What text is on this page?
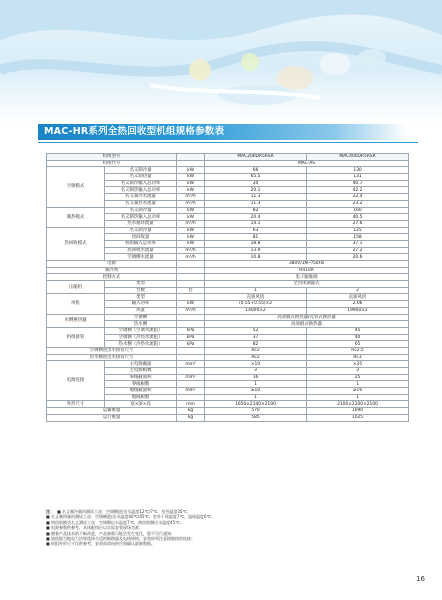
MAC-HR系列全热回收型机组规格参数表
机组型号			MAC200DR5RSR	MAC400DR5RSR
机组代号			MAC-AS	
空调模式	名义制冷量	kW	66	130
	名义制热量	kW	65.5	131
	名义制冷输入总功率	kW	20	40.7
	名义制热输入总功率	kW	20.1	42.2
	名义制冷水流量	m³/h	11.3	22.4
	名义制热水流量	m³/h	11.3	23.2
制热模式	名义制冷量	kW	82	160
	名义制热输入总功率	kW	20.4	40.5
	热水循环流量	m³/h	14.1	27.6
热回收模式	名义制冷量	kW	63	125
	热回收量	kW	81	158
	机组输入总功率	kW	18.8	37.1
	热回收水流量	m³/h	13.9	27.2
	空调侧水流量	m³/h	10.8	20.6
电源			380V/3N~/50Hz	
制冷剂			R410A	
控制方式			电子膨胀阀	
压缩机	类型		全封闭涡旋式	
	台数	台	1	2
风机	类型		直驱风机	直驱风机
	输入功率	kW	(0.55+0.55)×2	2.06
	风量	m³/h	14000×2	19900×2
水侧换热器	空调侧		高效板式换热器/壳管式换热器	
	热水侧		高效板式换热器	
机组接管	空调侧（空调水流阻）	kPa	52	45
	空调侧（冷热水流阻）	kPa	37	40
	热水侧（冷热水流阻）	kPa	82	65
空调侧进出水接管尺寸			Rc2	Rc2.5
热水侧进出水接管尺寸			Rc2	Rc3
电源连接	主电源截面	mm²	×10	×35
	主电源根数		3	3
	零线截面积	mm²	16	25
	零线根数		1	1
	地线截面积	mm²	≥10	≥16
	地线根数		1	1
外形尺寸	宽×深×高	mm	1650×2140×2100	2100×2200×2100
运输重量		kg	570	1090
运行重量		kg	585	1025
注： ■ 名义制冷量的测试工况：空调侧进/出水温度12℃/7℃，室外温度35℃；
■ 名义制热量的测试工况：空调侧进/出水温度40℃/45℃，室外干球温度7℃，湿球温度6℃；
■ 热回收模式名义测试工况：空调侧出水温度7℃，热回收侧出水温度45℃；
■ 电源参数供参考，具体配线应以实际安装现场为准；
■ 随着产品技术的不断改进，产品参数可能会发生变化，恕不另行通知；
■ 请依据当地电力法规选择合适的断路器及电线规格，安装时须注意接地线的连接；
■ 机组外形尺寸仅供参考，安装前请向供应商确认最新数据。
16
